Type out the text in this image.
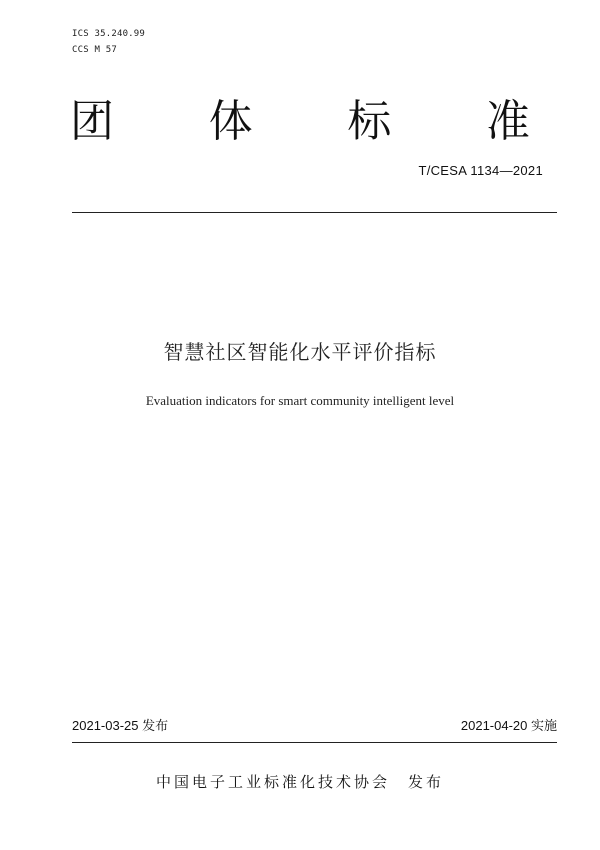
ICS 35.240.99
CCS M 57
团 体 标 准
T/CESA 1134—2021
智慧社区智能化水平评价指标
Evaluation indicators for smart community intelligent level
2021-03-25 发布	2021-04-20 实施
中国电子工业标准化技术协会 发布
